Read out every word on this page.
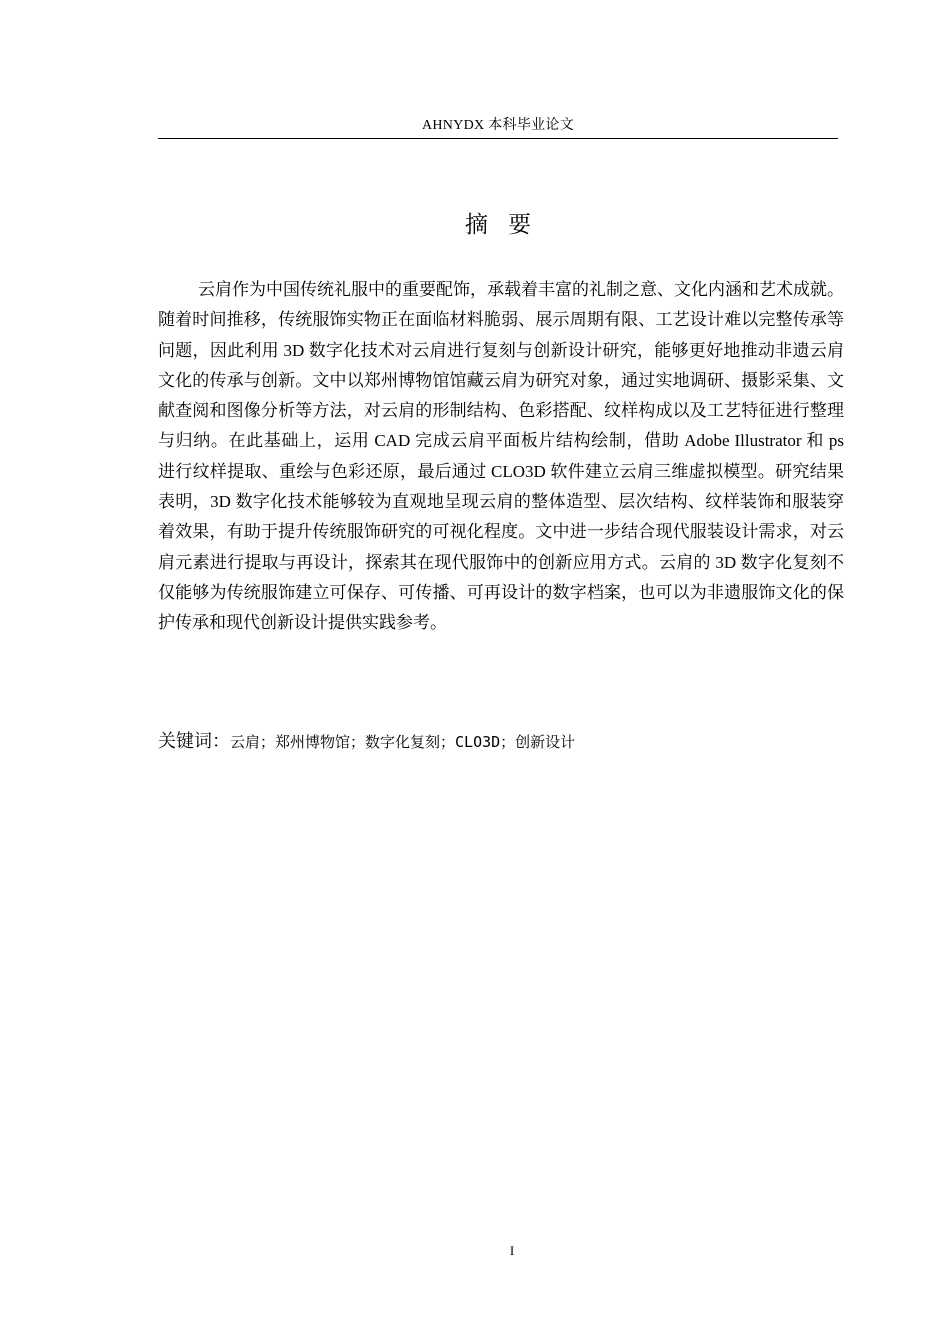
AHNYDX 本科毕业论文
摘 要

云肩作为中国传统礼服中的重要配饰，承载着丰富的礼制之意、文化内涵和艺术成就。随着时间推移，传统服饰实物正在面临材料脆弱、展示周期有限、工艺设计难以完整传承等问题，因此利用 3D 数字化技术对云肩进行复刻与创新设计研究，能够更好地推动非遗云肩文化的传承与创新。文中以郑州博物馆馆藏云肩为研究对象，通过实地调研、摄影采集、文献查阅和图像分析等方法，对云肩的形制结构、色彩搭配、纹样构成以及工艺特征进行整理与归纳。在此基础上，运用 CAD 完成云肩平面板片结构绘制，借助 Adobe Illustrator 和 ps 进行纹样提取、重绘与色彩还原，最后通过 CLO3D 软件建立云肩三维虚拟模型。研究结果表明，3D 数字化技术能够较为直观地呈现云肩的整体造型、层次结构、纹样装饰和服装穿着效果，有助于提升传统服饰研究的可视化程度。文中进一步结合现代服装设计需求，对云肩元素进行提取与再设计，探索其在现代服饰中的创新应用方式。云肩的 3D 数字化复刻不仅能够为传统服饰建立可保存、可传播、可再设计的数字档案，也可以为非遗服饰文化的保护传承和现代创新设计提供实践参考。

关键词：云肩；郑州博物馆；数字化复刻；CLO3D；创新设计
I
